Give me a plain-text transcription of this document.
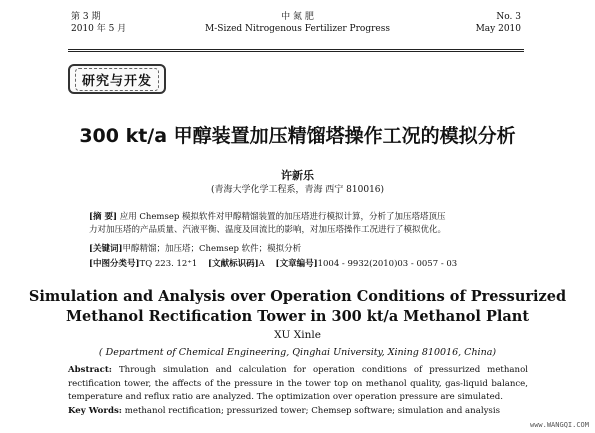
第 3 期
2010 年 5 月
中 氮 肥
M-Sized Nitrogenous Fertilizer Progress
No. 3
May 2010
研究与开发
300 kt/a 甲醇装置加压精馏塔操作工况的模拟分析
许新乐
(青海大学化学工程系，青海 西宁 810016)
[摘 要] 应用 Chemsep 模拟软件对甲醇精馏装置的加压塔进行模拟计算，分析了加压塔塔顶压
力对加压塔的产品质量、汽液平衡、温度及回流比的影响，对加压塔操作工况进行了模拟优化。
[关键词]甲醇精馏；加压塔；Chemsep 软件；模拟分析
[中图分类号]TQ 223. 12⁺1 [文献标识码]A [文章编号]1004 - 9932(2010)03 - 0057 - 03
Simulation and Analysis over Operation Conditions of Pressurized
Methanol Rectification Tower in 300 kt/a Methanol Plant
XU Xinle
( Department of Chemical Engineering, Qinghai University, Xining 810016, China)
Abstract: Through simulation and calculation for operation conditions of pressurized methanol rectification tower, the affects of the pressure in the tower top on methanol quality, gas-liquid balance, temperature and reflux ratio are analyzed. The optimization over operation pressure are simulated.
Key Words: methanol rectification; pressurized tower; Chemsep software; simulation and analysis
www.WANGQI.COM
